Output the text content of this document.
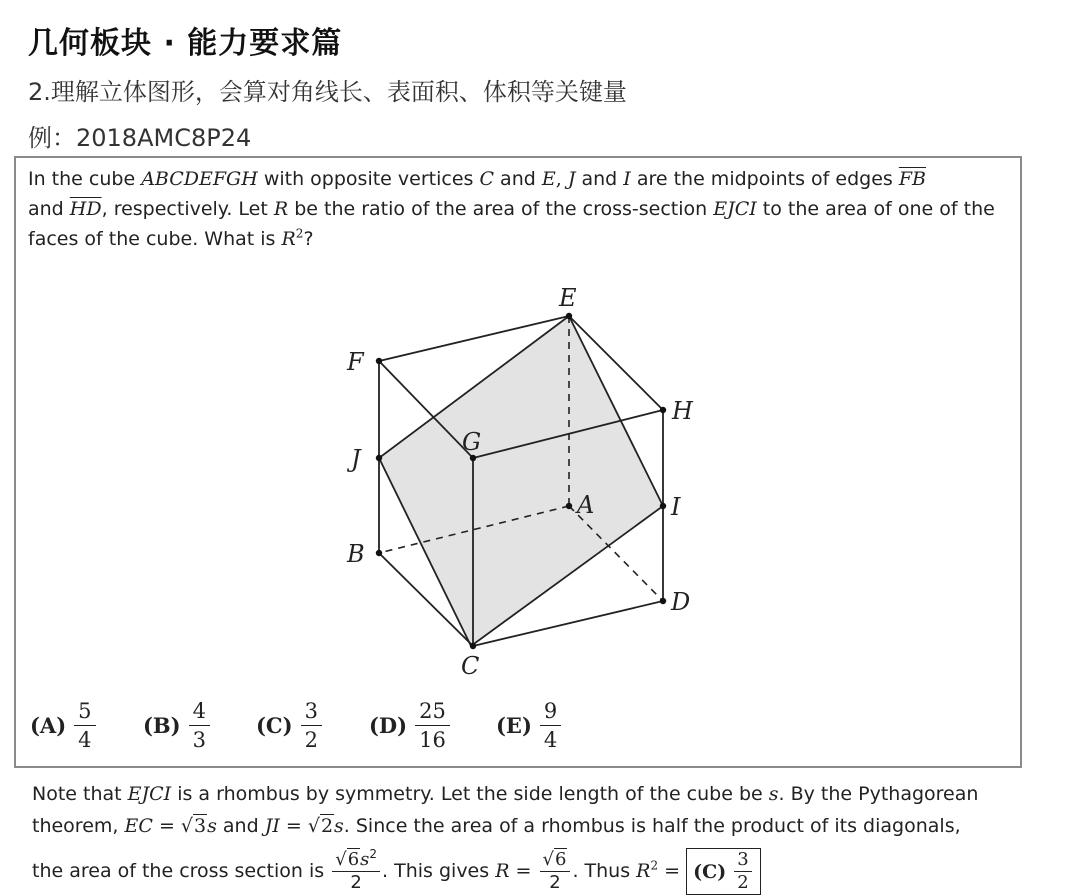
几何板块 · 能力要求篇
2.理解立体图形，会算对角线长、表面积、体积等关键量
例：2018AMC8P24
In the cube ABCDEFGH with opposite vertices C and E, J and I are the midpoints of edges $\overline{FB}$
and $\overline{HD}$, respectively. Let R be the ratio of the area of the cross-section EJCI to the area of one of the faces of the cube. What is $R^2$?
E
F
H
G
J
A	I
B
D
C
$(A) \frac{5}{4} (B) \frac{4}{3} (C) \frac{3}{2} (D) \frac{25}{16} (E) \frac{9}{4}$
Note that EJCI is a rhombus by symmetry. Let the side length of the cube be s. By the Pythagorean
theorem, EC = √3s and JI = √2s. Since the area of a rhombus is half the product of its diagonals,
the area of the cross section is $\frac{√6s^2}{2}$ . This gives $R = \frac{√6}{2}$ . Thus $R^2 = (C)$
$\frac{3}{2}$
